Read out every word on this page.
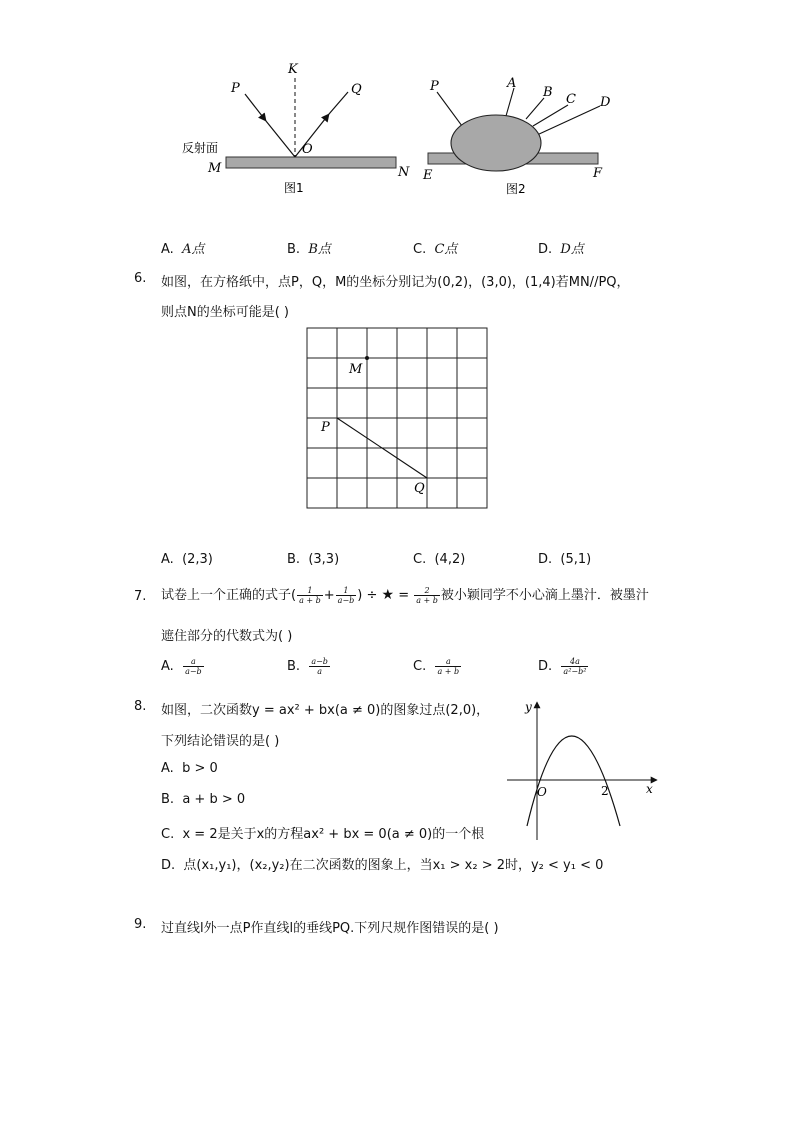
P
K
Q
O
M	N
反射面
图1
P	A
B C D
E	F
图2
A. A点	B. B点	C. C点	D. D点
6. 如图，在方格纸中，点P，Q，M的坐标分别记为(0,2)，(3,0)，(1,4)若MN//PQ，
则点N的坐标可能是( )
M
P
Q
A. (2,3)	B. (3,3)	C. (4,2)	D. (5,1)
7. 试卷上一个正确的式子( $\frac{1}{a + b} + \frac{1}{a-b}$ ) ÷ ★ = $\frac{2}{a + b}$ 被小颖同学不小心滴上墨汁．被墨汁
遮住部分的代数式为( )
A. $\frac{a}{a-b}$	B. $\frac{a-b}{a}$	C. $\frac{a}{a + b}$	D. $\frac{4a}{\text{a²−b²}}$
8. 如图，二次函数y = ax² + bx(a ≠ 0)的图象过点(2,0)，
下列结论错误的是( )
A. b > 0
B. a + b > 0
C. x = 2是关于x的方程ax² + bx = 0(a ≠ 0)的一个根
D. 点(x₁,y₁)，(x₂,y₂)在二次函数的图象上，当x₁ > x₂ > 2时，y₂ < y₁ < 0
y
x
O	2
9. 过直线l外一点P作直线l的垂线PQ.下列尺规作图错误的是( )
